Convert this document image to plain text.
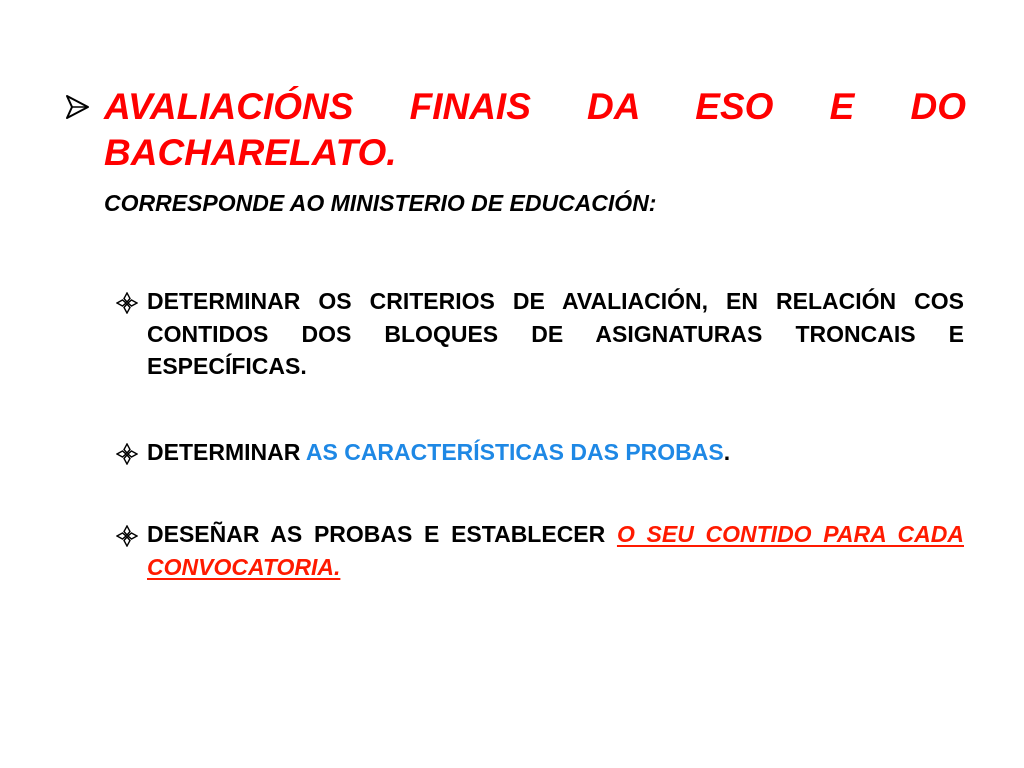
AVALIACIÓNS FINAIS DA ESO E DO BACHARELATO.

CORRESPONDE AO MINISTERIO DE EDUCACIÓN:

DETERMINAR OS CRITERIOS DE AVALIACIÓN, EN RELACIÓN COS CONTIDOS DOS BLOQUES DE ASIGNATURAS TRONCAIS E ESPECÍFICAS.

DETERMINAR AS CARACTERÍSTICAS DAS PROBAS.

DESEÑAR AS PROBAS E ESTABLECER O SEU CONTIDO PARA CADA CONVOCATORIA.
